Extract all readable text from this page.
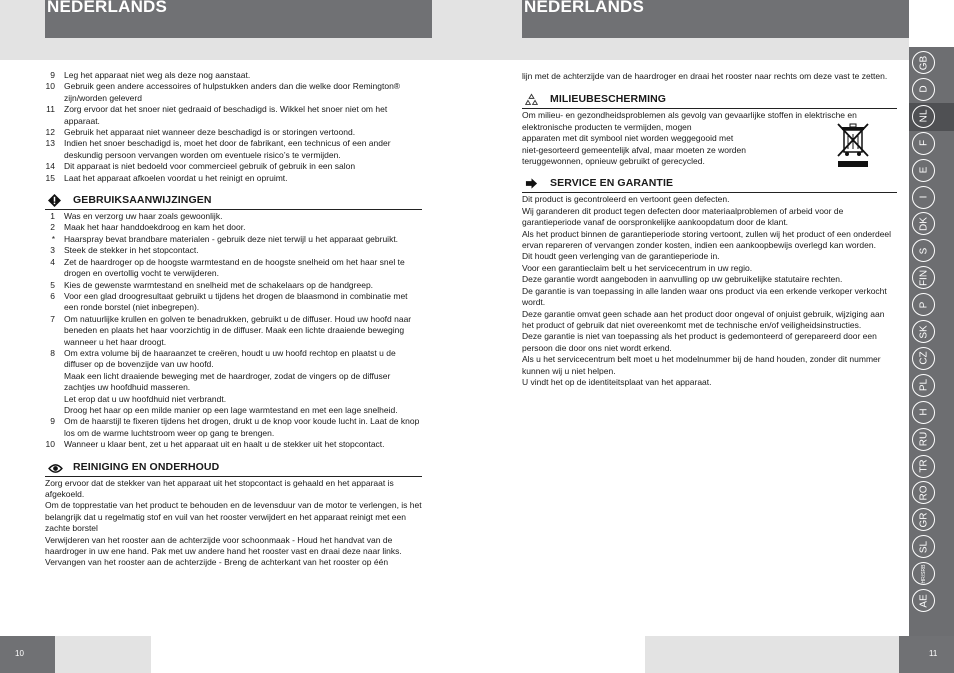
NEDERLANDS
9 Leg het apparaat niet weg als deze nog aanstaat.
10 Gebruik geen andere accessoires of hulpstukken anders dan die welke door Remington® zijn/worden geleverd
11 Zorg ervoor dat het snoer niet gedraaid of beschadigd is. Wikkel het snoer niet om het apparaat.
12 Gebruik het apparaat niet wanneer deze beschadigd is or storingen vertoond.
13 Indien het snoer beschadigd is, moet het door de fabrikant, een technicus of een ander deskundig persoon vervangen worden om eventuele risico’s te vermijden.
14 Dit apparaat is niet bedoeld voor commercieel gebruik of gebruik in een salon
15 Laat het apparaat afkoelen voordat u het reinigt en opruimt.
GEBRUIKSAANWIJZINGEN
1 Was en verzorg uw haar zoals gewoonlijk.
2 Maak het haar handdoekdroog en kam het door.
* Haarspray bevat brandbare materialen - gebruik deze niet terwijl u het apparaat gebruikt.
3 Steek de stekker in het stopcontact.
4 Zet de haardroger op de hoogste warmtestand en de hoogste snelheid om het haar snel te drogen en overtollig vocht te verwijderen.
5 Kies de gewenste warmtestand en snelheid met de schakelaars op de handgreep.
6 Voor een glad droogresultaat gebruikt u tijdens het drogen de blaasmond in combinatie met een ronde borstel (niet inbegrepen).
7 Om natuurlijke krullen en golven te benadrukken, gebruikt u de diffuser. Houd uw hoofd naar beneden en plaats het haar voorzichtig in de diffuser. Maak een lichte draaiende beweging wanneer u het haar droogt.
8 Om extra volume bij de haaraanzet te creëren, houdt u uw hoofd rechtop en plaatst u de diffuser op de bovenzijde van uw hoofd.
Maak een licht draaiende beweging met de haardroger, zodat de vingers op de diffuser zachtjes uw hoofdhuid masseren.
Let erop dat u uw hoofdhuid niet verbrandt.
Droog het haar op een milde manier op een lage warmtestand en met een lage snelheid.
9 Om de haarstijl te fixeren tijdens het drogen, drukt u de knop voor koude lucht in. Laat de knop los om de warme luchtstroom weer op gang te brengen.
10 Wanneer u klaar bent, zet u het apparaat uit en haalt u de stekker uit het stopcontact.
REINIGING EN ONDERHOUD
Zorg ervoor dat de stekker van het apparaat uit het stopcontact is gehaald en het apparaat is afgekoeld.
Om de topprestatie van het product te behouden en de levensduur van de motor te verlengen, is het belangrijk dat u regelmatig stof en vuil van het rooster verwijdert en het apparaat reinigt met een zachte borstel
Verwijderen van het rooster aan de achterzijde voor schoonmaak - Houd het handvat van de haardroger in uw ene hand. Pak met uw andere hand het rooster vast en draai deze naar links.
Vervangen van het rooster aan de achterzijde - Breng de achterkant van het rooster op één
10
NEDERLANDS

lijn met de achterzijde van de haardroger en draai het rooster naar rechts om deze vast te zetten.

MILIEUBESCHERMING
Om milieu- en gezondheidsproblemen als gevolg van gevaarlijke stoffen in elektrische en
elektronische producten te vermijden, mogen
apparaten met dit symbool niet worden weggegooid met
niet-gesorteerd gemeentelijk afval, maar moeten ze worden
teruggewonnen, opnieuw gebruikt of gerecycled.
SERVICE EN GARANTIE
Dit product is gecontroleerd en vertoont geen defecten.
Wij garanderen dit product tegen defecten door materiaalproblemen of arbeid voor de garantieperiode vanaf de oorspronkelijke aankoopdatum door de klant.
Als het product binnen de garantieperiode storing vertoont, zullen wij het product of een onderdeel ervan repareren of vervangen zonder kosten, indien een aankoopbewijs overlegd kan worden.
Dit houdt geen verlenging van de garantieperiode in.
Voor een garantieclaim belt u het servicecentrum in uw regio.
Deze garantie wordt aangeboden in aanvulling op uw gebruikelijke statutaire rechten.
De garantie is van toepassing in alle landen waar ons product via een erkende verkoper verkocht wordt.
Deze garantie omvat geen schade aan het product door ongeval of onjuist gebruik, wijziging aan het product of gebruik dat niet overeenkomt met de technische en/of veiligheidsinstructies.
Deze garantie is niet van toepassing als het product is gedemonteerd of gerepareerd door een persoon die door ons niet wordt erkend.
Als u het servicecentrum belt moet u het modelnummer bij de hand houden, zonder dit nummer kunnen wij u niet helpen.
U vindt het op de identiteitsplaat van het apparaat.
11
GB
D
NL
F
E
I
DK
S
FIN
P
SK
CZ
PL
H
RU
TR
RO
GR
SL
HR/SRB
AE
